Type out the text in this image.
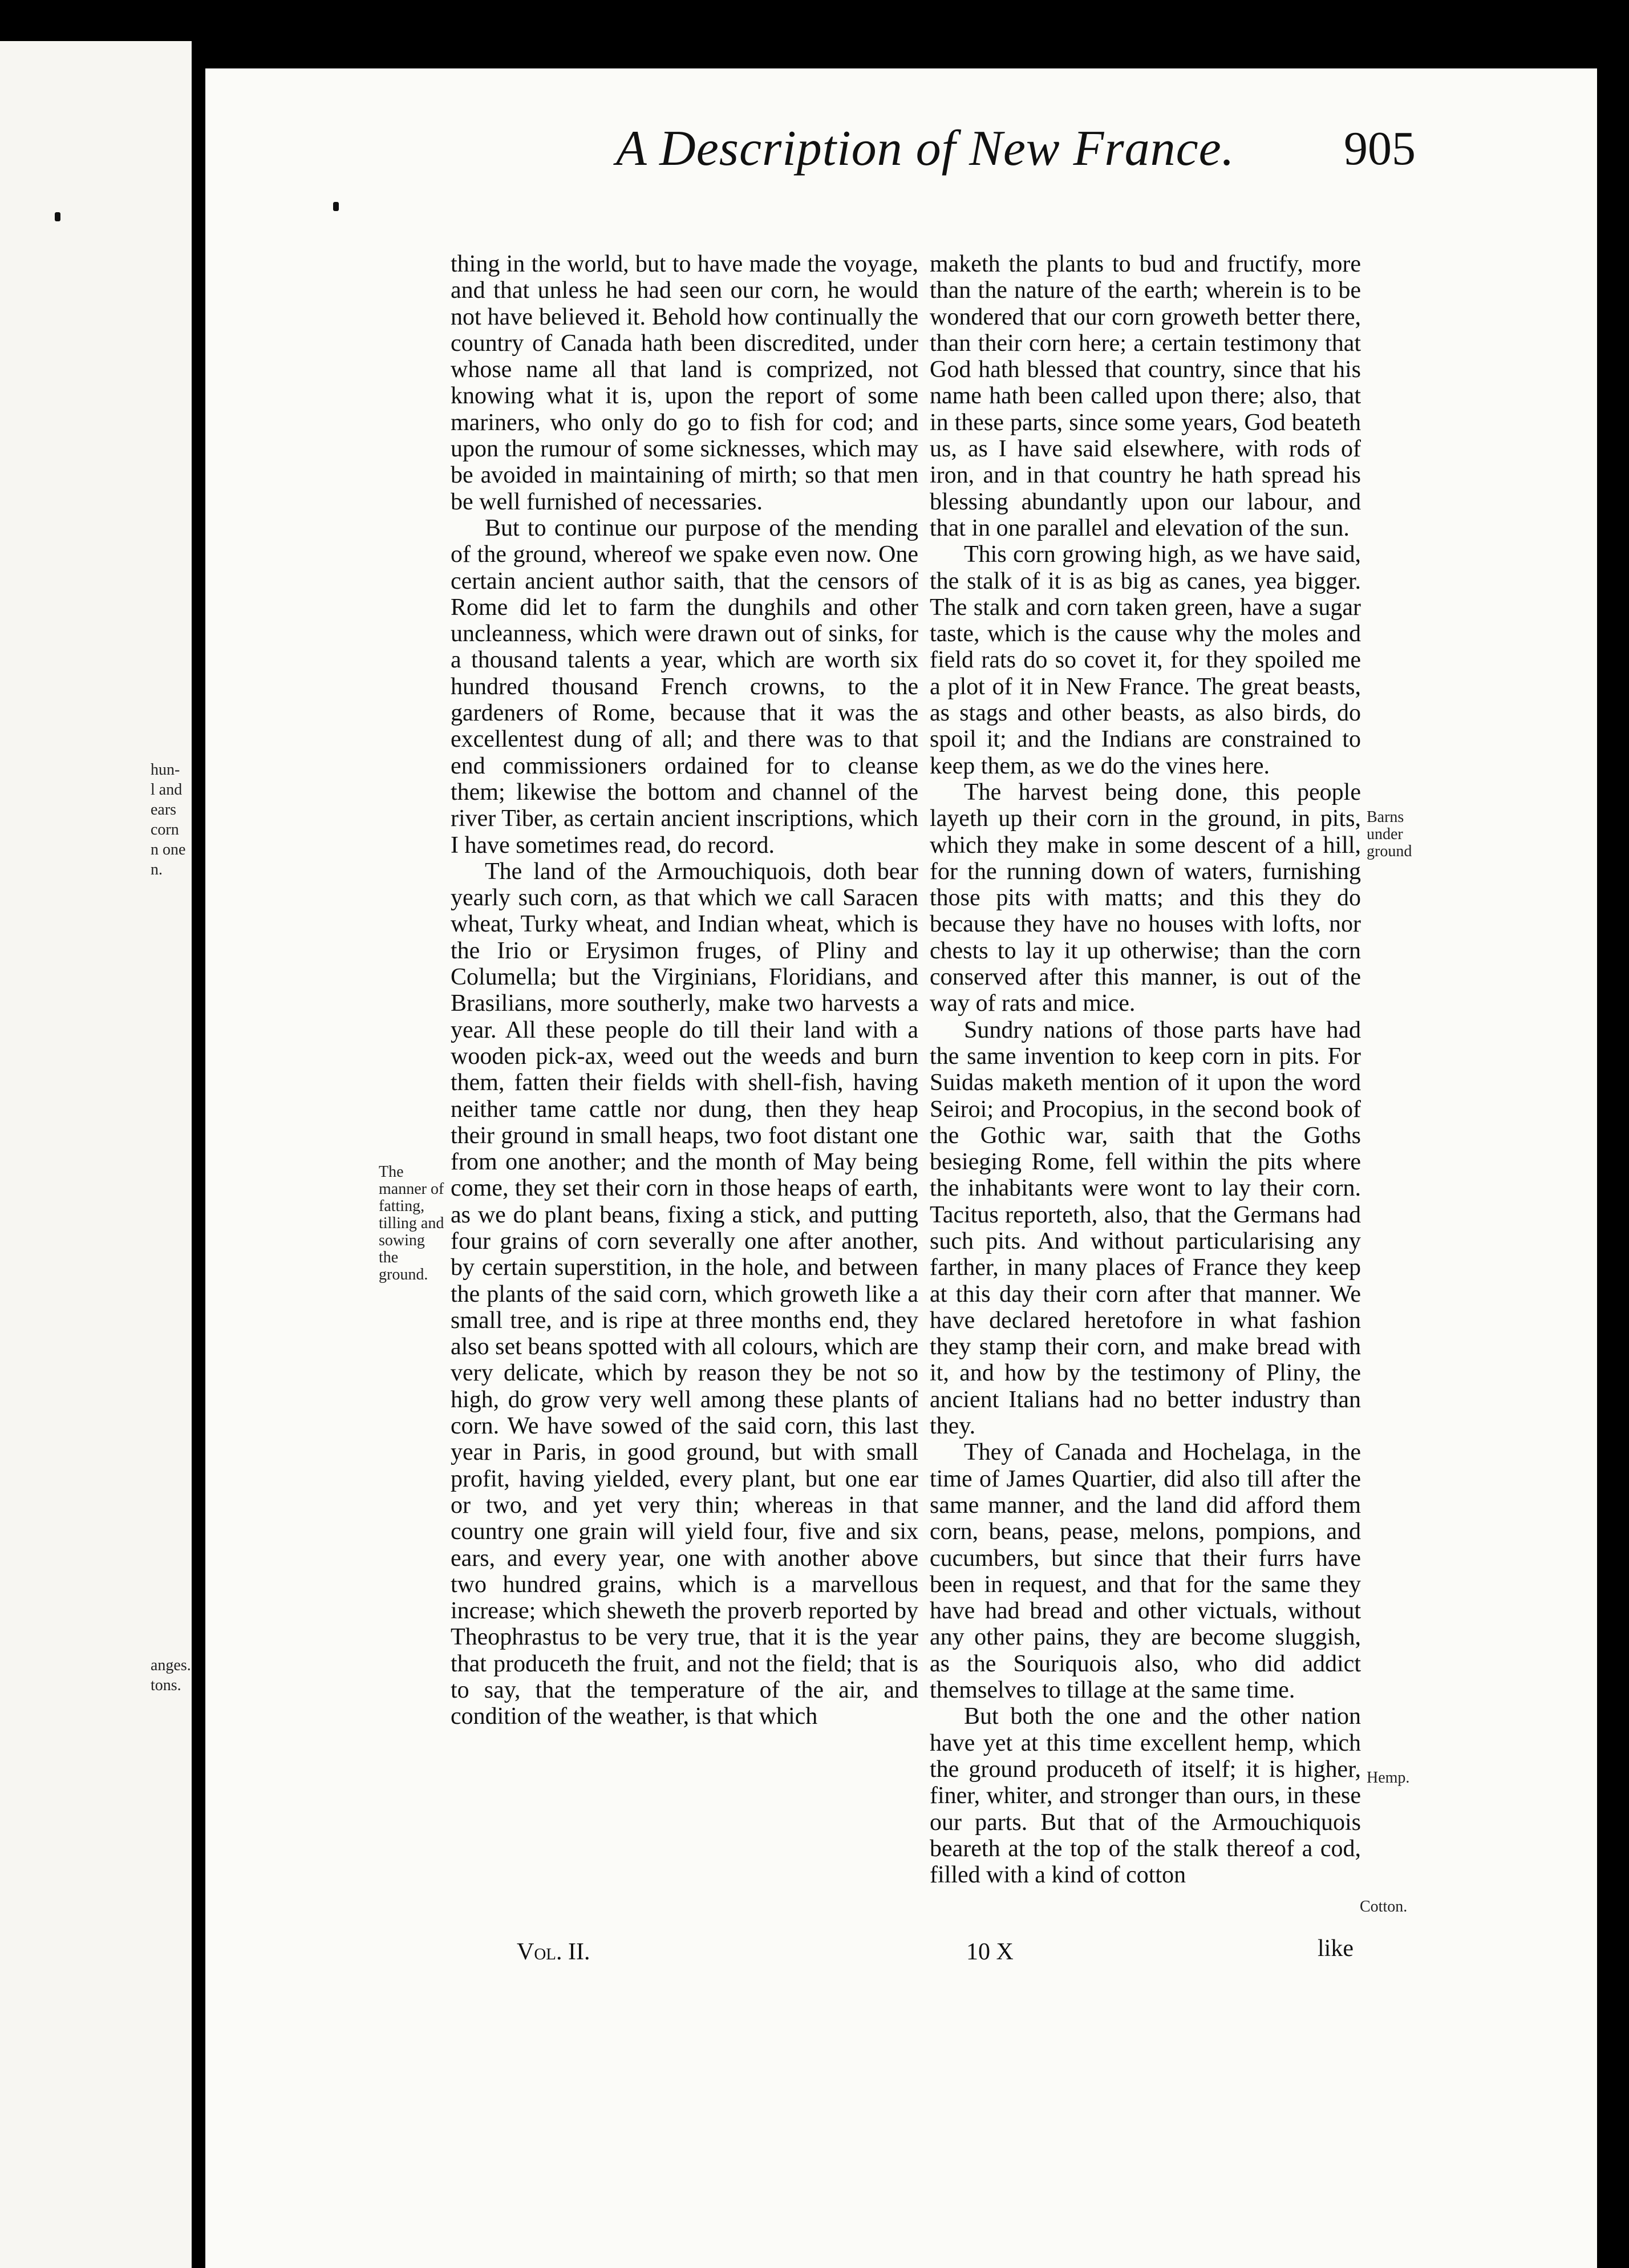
hun-
l and
ears
corn
n one
n.
anges.
tons.
A Description of New France.	905

thing in the world, but to have made the voyage, and that unless he had seen our corn, he would not have believed it. Behold how continually the country of Canada hath been discredited, under whose name all that land is comprized, not knowing what it is, upon the report of some mariners, who only do go to fish for cod; and upon the rumour of some sicknesses, which may be avoided in maintaining of mirth; so that men be well furnished of necessaries.

But to continue our purpose of the mending of the ground, whereof we spake even now. One certain ancient author saith, that the censors of Rome did let to farm the dunghils and other uncleanness, which were drawn out of sinks, for a thousand talents a year, which are worth six hundred thousand French crowns, to the gardeners of Rome, because that it was the excellentest dung of all; and there was to that end commissioners ordained for to cleanse them; likewise the bottom and channel of the river Tiber, as certain ancient inscriptions, which I have sometimes read, do record.

The land of the Armouchiquois, doth bear yearly such corn, as that which we call Saracen wheat, Turky wheat, and Indian wheat, which is the Irio or Erysimon fruges, of Pliny and Columella; but the Virginians, Floridians, and Brasilians, more southerly, make two harvests a year. All these people do till their land with a wooden pick-ax, weed out the weeds and burn them, fatten their fields with shell-fish, having neither tame cattle nor dung, then they heap their ground in small heaps, two foot distant one from one another; and the month of May being come, they set their corn in those heaps of earth, as we do plant beans, fixing a stick, and putting four grains of corn severally one after another, by certain superstition, in the hole, and between the plants of the said corn, which groweth like a small tree, and is ripe at three months end, they also set beans spotted with all colours, which are very delicate, which by reason they be not so high, do grow very well among these plants of corn. We have sowed of the said corn, this last year in Paris, in good ground, but with small profit, having yielded, every plant, but one ear or two, and yet very thin; whereas in that country one grain will yield four, five and six ears, and every year, one with another above two hundred grains, which is a marvellous increase; which sheweth the proverb reported by Theophrastus to be very true, that it is the year that produceth the fruit, and not the field; that is to say, that the temperature of the air, and condition of the weather, is that which

maketh the plants to bud and fructify, more than the nature of the earth; wherein is to be wondered that our corn groweth better there, than their corn here; a certain testimony that God hath blessed that country, since that his name hath been called upon there; also, that in these parts, since some years, God beateth us, as I have said elsewhere, with rods of iron, and in that country he hath spread his blessing abundantly upon our labour, and that in one parallel and elevation of the sun.

This corn growing high, as we have said, the stalk of it is as big as canes, yea bigger. The stalk and corn taken green, have a sugar taste, which is the cause why the moles and field rats do so covet it, for they spoiled me a plot of it in New France. The great beasts, as stags and other beasts, as also birds, do spoil it; and the Indians are constrained to keep them, as we do the vines here.

The harvest being done, this people layeth up their corn in the ground, in pits, which they make in some descent of a hill, for the running down of waters, furnishing those pits with matts; and this they do because they have no houses with lofts, nor chests to lay it up otherwise; than the corn conserved after this manner, is out of the way of rats and mice.

Sundry nations of those parts have had the same invention to keep corn in pits. For Suidas maketh mention of it upon the word Seiroi; and Procopius, in the second book of the Gothic war, saith that the Goths besieging Rome, fell within the pits where the inhabitants were wont to lay their corn. Tacitus reporteth, also, that the Germans had such pits. And without particularising any farther, in many places of France they keep at this day their corn after that manner. We have declared heretofore in what fashion they stamp their corn, and make bread with it, and how by the testimony of Pliny, the ancient Italians had no better industry than they.

They of Canada and Hochelaga, in the time of James Quartier, did also till after the same manner, and the land did afford them corn, beans, pease, melons, pompions, and cucumbers, but since that their furrs have been in request, and that for the same they have had bread and other victuals, without any other pains, they are become sluggish, as the Souriquois also, who did addict themselves to tillage at the same time.

But both the one and the other nation have yet at this time excellent hemp, which the ground produceth of itself; it is higher, finer, whiter, and stronger than ours, in these our parts. But that of the Armouchiquois beareth at the top of the stalk thereof a cod, filled with a kind of cotton

The manner of fatting, tilling and sowing the ground.
Barns under ground
Hemp.
Cotton.
Vol. II.	10 X	like
